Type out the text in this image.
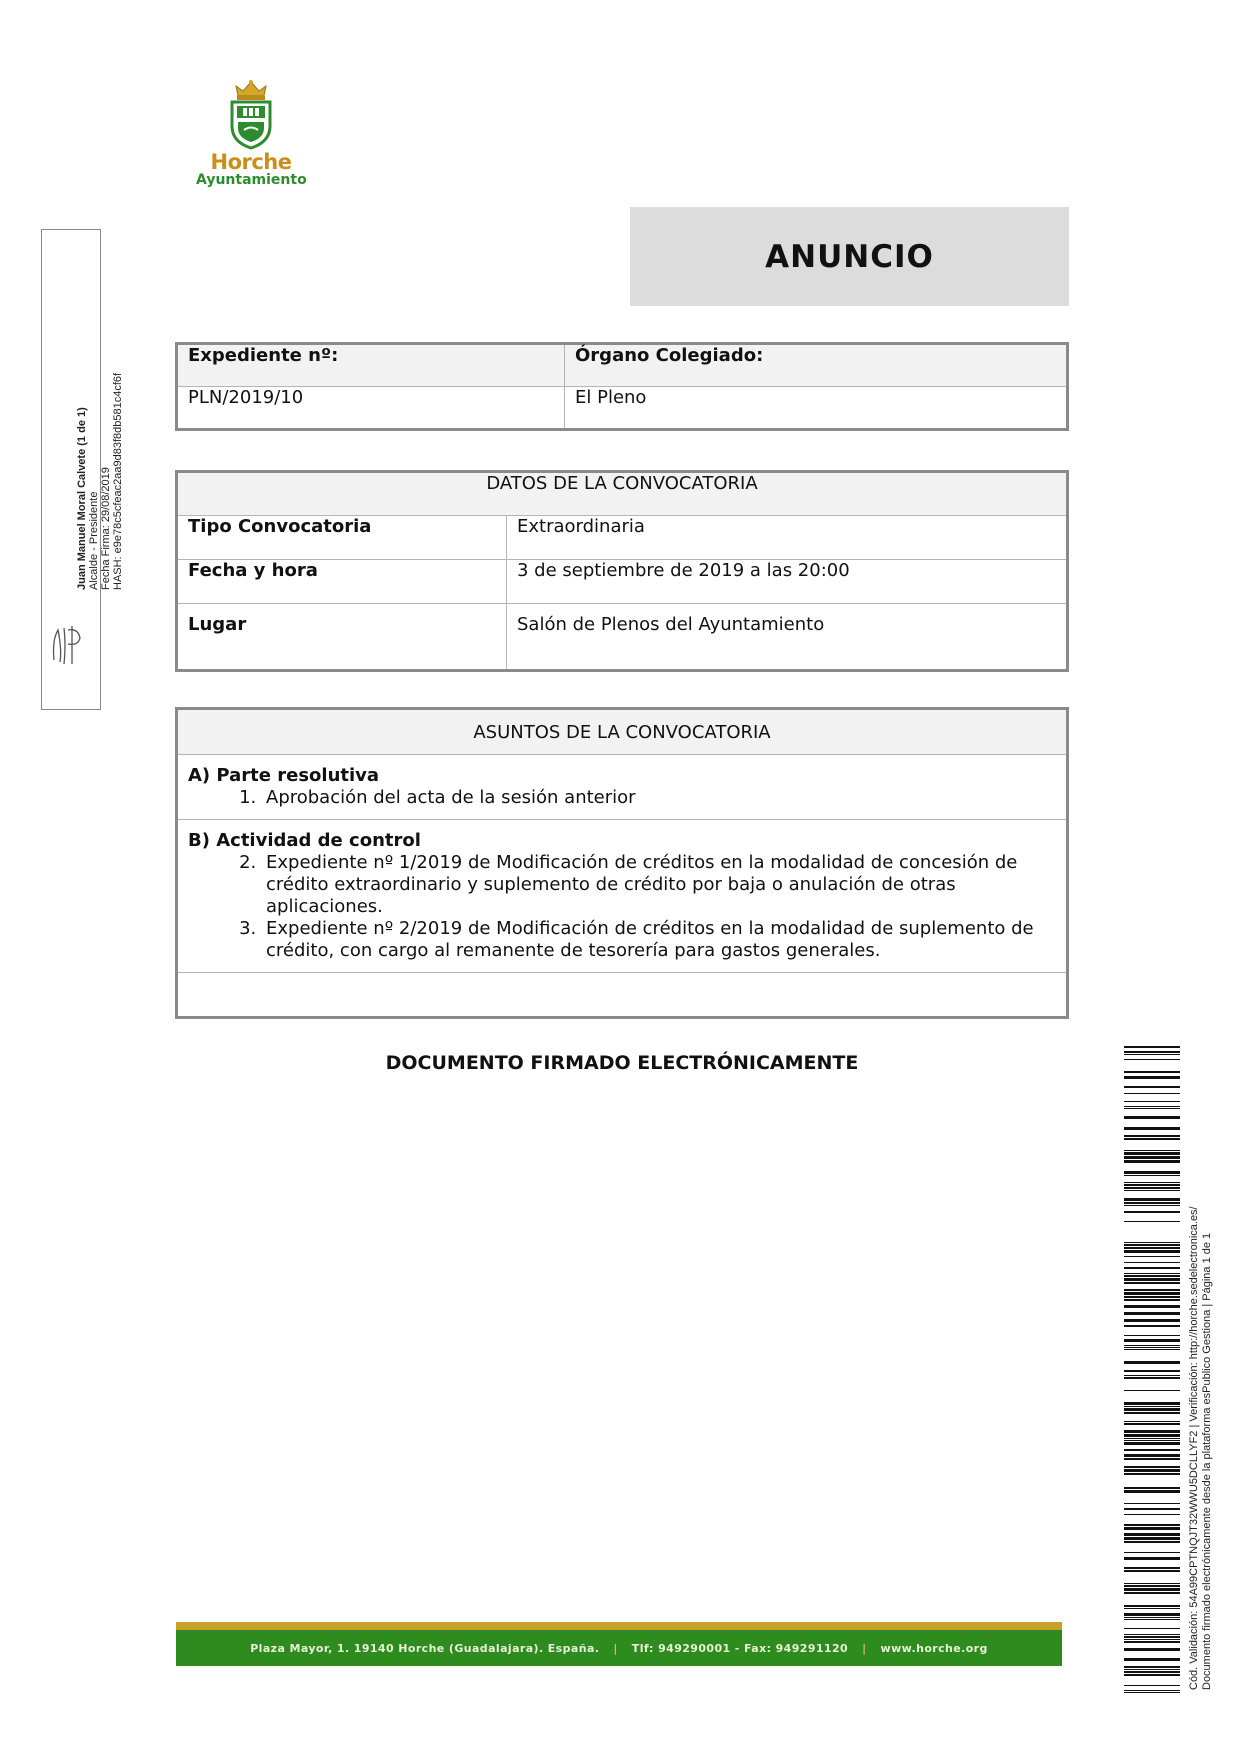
Horche
Ayuntamiento
Juan Manuel Moral Calvete (1 de 1) Alcalde - Presidente Fecha Firma: 29/08/2019 HASH: e9e78c5cfeac2aa9d83f8db581c4cf6f
ANUNCIO
Expediente nº:	Órgano Colegiado:
PLN/2019/10	El Pleno
DATOS DE LA CONVOCATORIA	
Tipo Convocatoria	Extraordinaria
Fecha y hora	3 de septiembre de 2019 a las 20:00
Lugar	Salón de Plenos del Ayuntamiento
ASUNTOS DE LA CONVOCATORIA

A) Parte resolutiva

1. Aprobación del acta de la sesión anterior

B) Actividad de control

2. Expediente nº 1/2019 de Modificación de créditos en la modalidad de concesión de crédito extraordinario y suplemento de crédito por baja o anulación de otras aplicaciones.
3. Expediente nº 2/2019 de Modificación de créditos en la modalidad de suplemento de crédito, con cargo al remanente de tesorería para gastos generales.

DOCUMENTO FIRMADO ELECTRÓNICAMENTE
Plaza Mayor, 1. 19140 Horche (Guadalajara). España. | Tlf: 949290001 - Fax: 949291120 | www.horche.org	Cód. Validación: 54A99CPTNQJT32WWU5DCLLYF2 | Verificación: http://horche.sedelectronica.es/ Documento firmado electrónicamente desde la plataforma esPublico Gestiona | Página 1 de 1
